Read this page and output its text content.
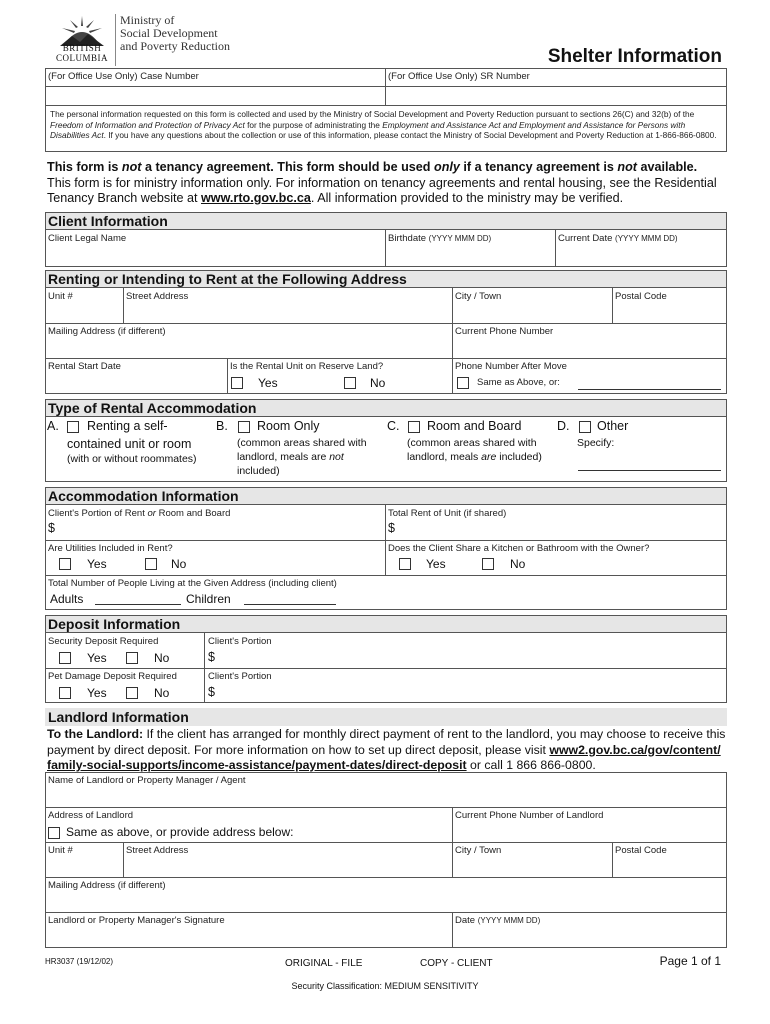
BRITISH
COLUMBIA
Ministry of
Social Development
and Poverty Reduction	Shelter Information
(For Office Use Only) Case Number	(For Office Use Only) SR Number
The personal information requested on this form is collected and used by the Ministry of Social Development and Poverty Reduction pursuant to sections 26(C) and 32(b) of the Freedom of Information and Protection of Privacy Act for the purpose of administrating the Employment and Assistance Act and Employment and Assistance for Persons with Disabilities Act. If you have any questions about the collection or use of this information, please contact the Ministry of Social Development and Poverty Reduction at 1-866-866-0800.
This form is not a tenancy agreement. This form should be used only if a tenancy agreement is not available.
This form is for ministry information only. For information on tenancy agreements and rental housing, see the Residential Tenancy Branch website at www.rto.gov.bc.ca. All information provided to the ministry may be verified.
Client Information
Client Legal Name	Birthdate (YYYY MMM DD)	Current Date (YYYY MMM DD)
Renting or Intending to Rent at the Following Address
Unit #	Street Address	City / Town	Postal Code
Mailing Address (if different)	Current Phone Number
Rental Start Date	Is the Rental Unit on Reserve Land?
Yes	No
Phone Number After Move
Same as Above, or:
Type of Rental Accommodation
A. Renting a self-
contained unit or room
(with or without roommates)
B. Room Only
(common areas shared with
landlord, meals are not
included)
C. Room and Board
(common areas shared with
landlord, meals are included)
D. Other
Specify:
Accommodation Information
Client's Portion of Rent or Room and Board
$
Total Rent of Unit (if shared)
$
Are Utilities Included in Rent?
Yes	No
Does the Client Share a Kitchen or Bathroom with the Owner?
Yes	No
Total Number of People Living at the Given Address (including client)
Adults	Children
Deposit Information
Security Deposit Required
Yes	No
Client's Portion
$
Pet Damage Deposit Required
Yes	No
Client's Portion
$
Landlord Information
To the Landlord: If the client has arranged for monthly direct payment of rent to the landlord, you may choose to receive this payment by direct deposit. For more information on how to set up direct deposit, please visit www2.gov.bc.ca/gov/content/ family-social-supports/income-assistance/payment-dates/direct-deposit or call 1 866 866-0800.
Name of Landlord or Property Manager / Agent
Address of Landlord	Current Phone Number of Landlord
Same as above, or provide address below:
Unit #	Street Address	City / Town	Postal Code
Mailing Address (if different)
Landlord or Property Manager's Signature	Date (YYYY MMM DD)
HR3037 (19/12/02)	ORIGINAL - FILE	COPY - CLIENT	Page 1 of 1
Security Classification: MEDIUM SENSITIVITY
